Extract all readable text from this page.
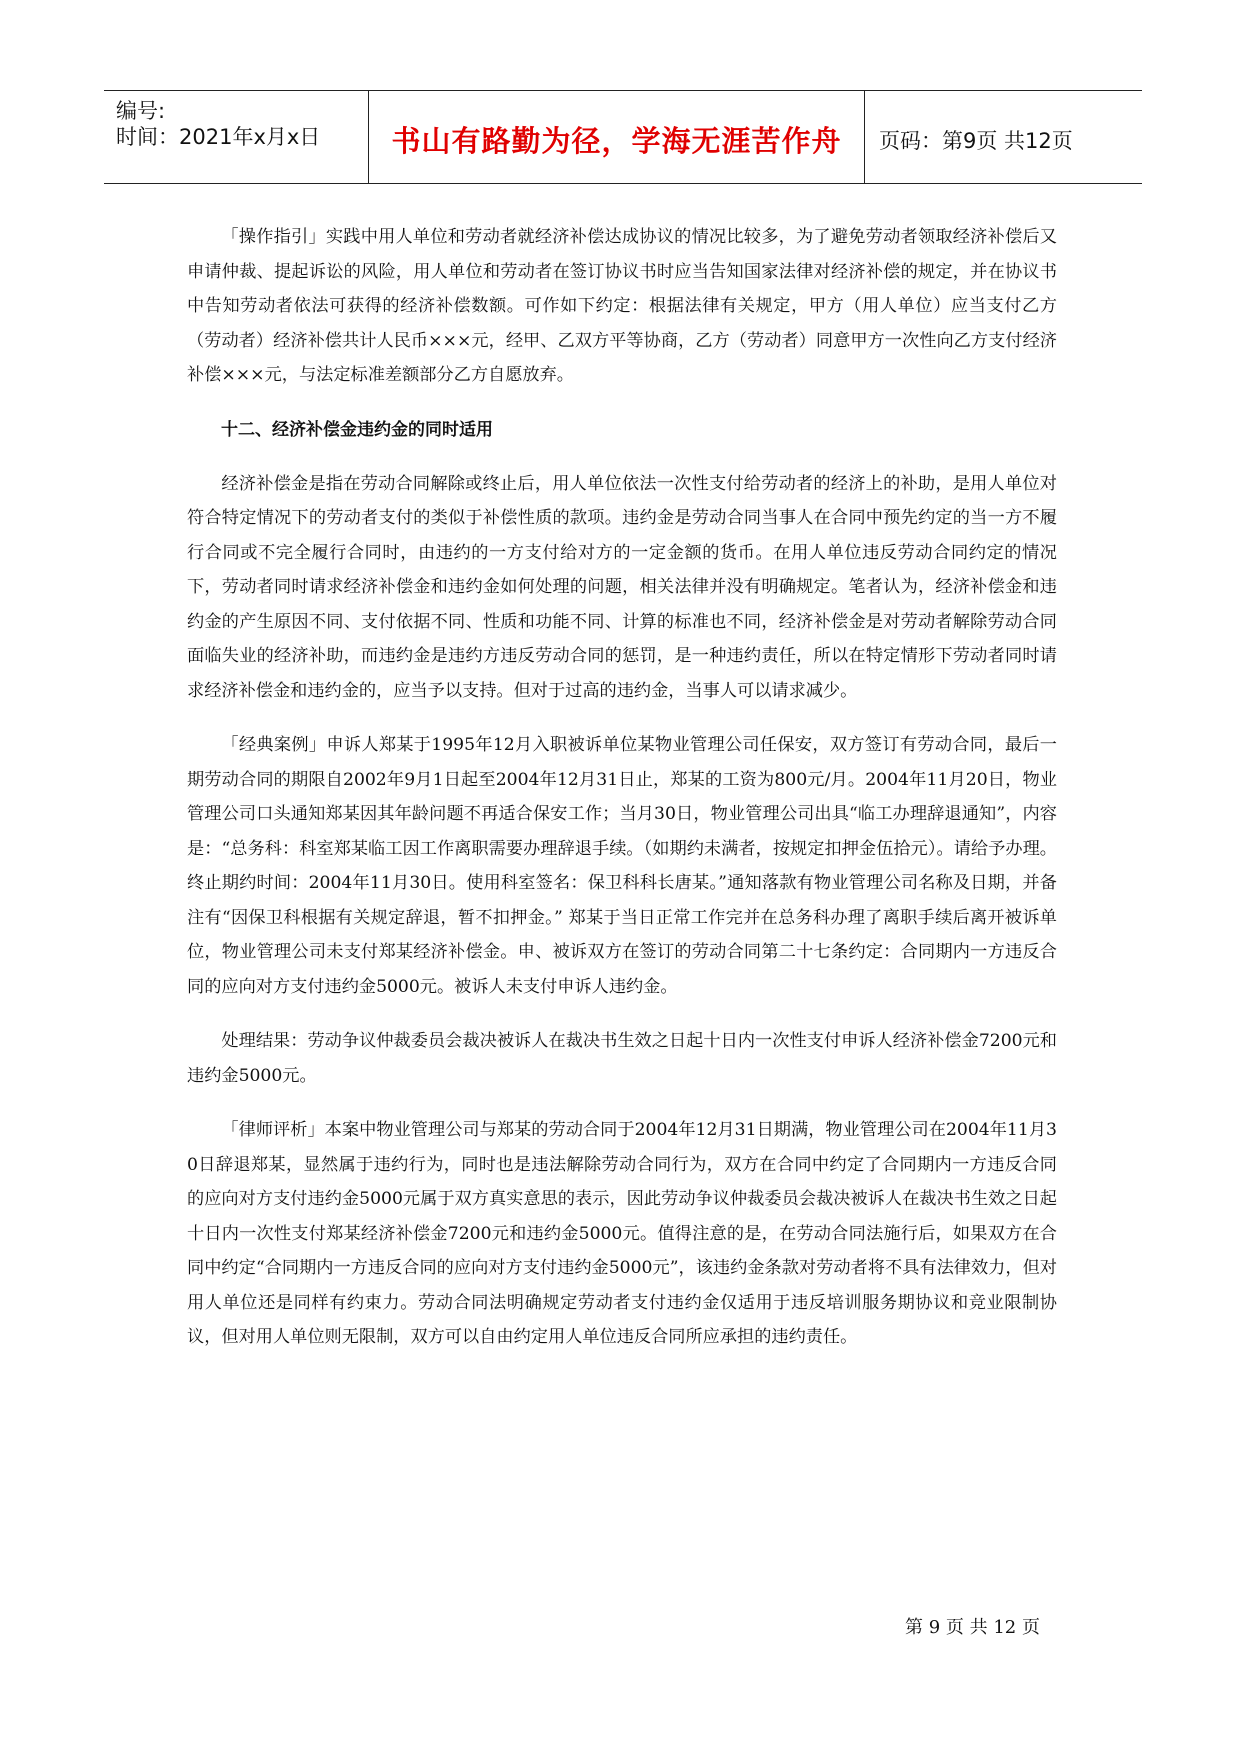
编号:
时间：2021年x月x日	书山有路勤为径，学海无涯苦作舟	页码：第9页 共12页

「操作指引」实践中用人单位和劳动者就经济补偿达成协议的情况比较多，为了避免劳动者领取经济补偿后又申请仲裁、提起诉讼的风险，用人单位和劳动者在签订协议书时应当告知国家法律对经济补偿的规定，并在协议书中告知劳动者依法可获得的经济补偿数额。可作如下约定：根据法律有关规定，甲方（用人单位）应当支付乙方（劳动者）经济补偿共计人民币×××元，经甲、乙双方平等协商，乙方（劳动者）同意甲方一次性向乙方支付经济补偿×××元，与法定标准差额部分乙方自愿放弃。

十二、经济补偿金违约金的同时适用

经济补偿金是指在劳动合同解除或终止后，用人单位依法一次性支付给劳动者的经济上的补助，是用人单位对符合特定情况下的劳动者支付的类似于补偿性质的款项。违约金是劳动合同当事人在合同中预先约定的当一方不履行合同或不完全履行合同时，由违约的一方支付给对方的一定金额的货币。在用人单位违反劳动合同约定的情况下，劳动者同时请求经济补偿金和违约金如何处理的问题，相关法律并没有明确规定。笔者认为，经济补偿金和违约金的产生原因不同、支付依据不同、性质和功能不同、计算的标准也不同，经济补偿金是对劳动者解除劳动合同面临失业的经济补助，而违约金是违约方违反劳动合同的惩罚，是一种违约责任，所以在特定情形下劳动者同时请求经济补偿金和违约金的，应当予以支持。但对于过高的违约金，当事人可以请求减少。

「经典案例」申诉人郑某于1995年12月入职被诉单位某物业管理公司任保安，双方签订有劳动合同，最后一期劳动合同的期限自2002年9月1日起至2004年12月31日止，郑某的工资为800元/月。2004年11月20日，物业管理公司口头通知郑某因其年龄问题不再适合保安工作；当月30日，物业管理公司出具“临工办理辞退通知”，内容是：“总务科：科室郑某临工因工作离职需要办理辞退手续。（如期约未满者，按规定扣押金伍拾元）。请给予办理。终止期约时间：2004年11月30日。使用科室签名：保卫科科长唐某。”通知落款有物业管理公司名称及日期，并备注有“因保卫科根据有关规定辞退，暂不扣押金。” 郑某于当日正常工作完并在总务科办理了离职手续后离开被诉单位，物业管理公司未支付郑某经济补偿金。申、被诉双方在签订的劳动合同第二十七条约定：合同期内一方违反合同的应向对方支付违约金5000元。被诉人未支付申诉人违约金。

处理结果：劳动争议仲裁委员会裁决被诉人在裁决书生效之日起十日内一次性支付申诉人经济补偿金7200元和违约金5000元。

「律师评析」本案中物业管理公司与郑某的劳动合同于2004年12月31日期满，物业管理公司在2004年11月30日辞退郑某，显然属于违约行为，同时也是违法解除劳动合同行为，双方在合同中约定了合同期内一方违反合同的应向对方支付违约金5000元属于双方真实意思的表示，因此劳动争议仲裁委员会裁决被诉人在裁决书生效之日起十日内一次性支付郑某经济补偿金7200元和违约金5000元。值得注意的是，在劳动合同法施行后，如果双方在合同中约定“合同期内一方违反合同的应向对方支付违约金5000元”，该违约金条款对劳动者将不具有法律效力，但对用人单位还是同样有约束力。劳动合同法明确规定劳动者支付违约金仅适用于违反培训服务期协议和竞业限制协议，但对用人单位则无限制，双方可以自由约定用人单位违反合同所应承担的违约责任。

第 9 页 共 12 页
